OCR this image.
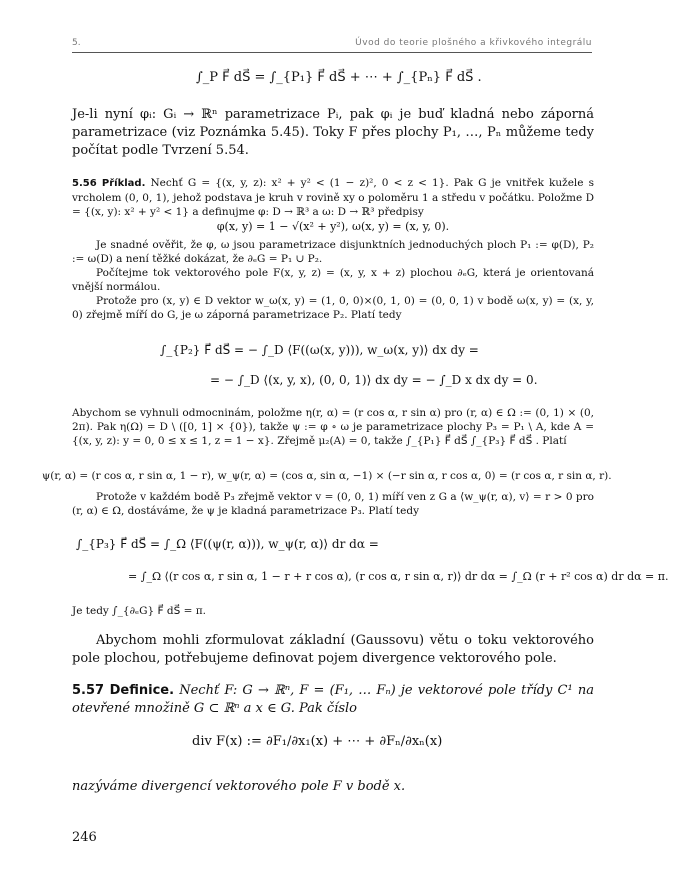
5.	Úvod do teorie plošného a křivkového integrálu
∫_P F⃗ dS⃗ = ∫_{P₁} F⃗ dS⃗ + ⋯ + ∫_{Pₙ} F⃗ dS⃗ .
Je-li nyní φᵢ: Gᵢ → ℝⁿ parametrizace Pᵢ, pak φᵢ je buď kladná nebo záporná parametrizace (viz Poznámka 5.45). Toky F přes plochy P₁, …, Pₙ můžeme tedy počítat podle Tvrzení 5.54.
5.56 Příklad. Nechť G = {(x, y, z): x² + y² < (1 − z)², 0 < z < 1}. Pak G je vnitřek kužele s vrcholem (0, 0, 1), jehož podstava je kruh v rovině xy o poloměru 1 a středu v počátku. Položme D = {(x, y): x² + y² < 1} a definujme φ: D → ℝ³ a ω: D → ℝ³ předpisy
φ(x, y) = 1 − √(x² + y²), ω(x, y) = (x, y, 0).
Je snadné ověřit, že φ, ω jsou parametrizace disjunktních jednoduchých ploch P₁ := φ(D), P₂ := ω(D) a není těžké dokázat, že ∂ₑG = P₁ ∪ P₂.
Počítejme tok vektorového pole F(x, y, z) = (x, y, x + z) plochou ∂ₑG, která je orientovaná vnější normálou.
Protože pro (x, y) ∈ D vektor w_ω(x, y) = (1, 0, 0)×(0, 1, 0) = (0, 0, 1) v bodě ω(x, y) = (x, y, 0) zřejmě míří do G, je ω záporná parametrizace P₂. Platí tedy
∫_{P₂} F⃗ dS⃗ = − ∫_D ⟨F((ω(x, y))), w_ω(x, y)⟩ dx dy =
= − ∫_D ⟨(x, y, x), (0, 0, 1)⟩ dx dy = − ∫_D x dx dy = 0.
Abychom se vyhnuli odmocninám, položme η(r, α) = (r cos α, r sin α) pro (r, α) ∈ Ω := (0, 1) × (0, 2π). Pak η(Ω) = D \ ([0, 1] × {0}), takže ψ := φ ∘ ω je parametrizace plochy P₃ = P₁ \ A, kde A = {(x, y, z): y = 0, 0 ≤ x ≤ 1, z = 1 − x}. Zřejmě μ₂(A) = 0, takže ∫_{P₁} F⃗ dS⃗ ∫_{P₃} F⃗ dS⃗ . Platí
ψ(r, α) = (r cos α, r sin α, 1 − r), w_ψ(r, α) = (cos α, sin α, −1) × (−r sin α, r cos α, 0) = (r cos α, r sin α, r).
Protože v každém bodě P₃ zřejmě vektor v = (0, 0, 1) míří ven z G a ⟨w_ψ(r, α), v⟩ = r > 0 pro (r, α) ∈ Ω, dostáváme, že ψ je kladná parametrizace P₃. Platí tedy
∫_{P₃} F⃗ dS⃗ = ∫_Ω ⟨F((ψ(r, α))), w_ψ(r, α)⟩ dr dα =
= ∫_Ω ⟨(r cos α, r sin α, 1 − r + r cos α), (r cos α, r sin α, r)⟩ dr dα = ∫_Ω (r + r² cos α) dr dα = π.
Je tedy ∫_{∂ₑG} F⃗ dS⃗ = π.
Abychom mohli zformulovat základní (Gaussovu) větu o toku vektorového pole plochou, potřebujeme definovat pojem divergence vektorového pole.
5.57 Definice. Nechť F: G → ℝⁿ, F = (F₁, … Fₙ) je vektorové pole třídy C¹ na otevřené množině G ⊂ ℝⁿ a x ∈ G. Pak číslo
div F(x) := ∂F₁/∂x₁(x) + ⋯ + ∂Fₙ/∂xₙ(x)
nazýváme divergencí vektorového pole F v bodě x.
246
